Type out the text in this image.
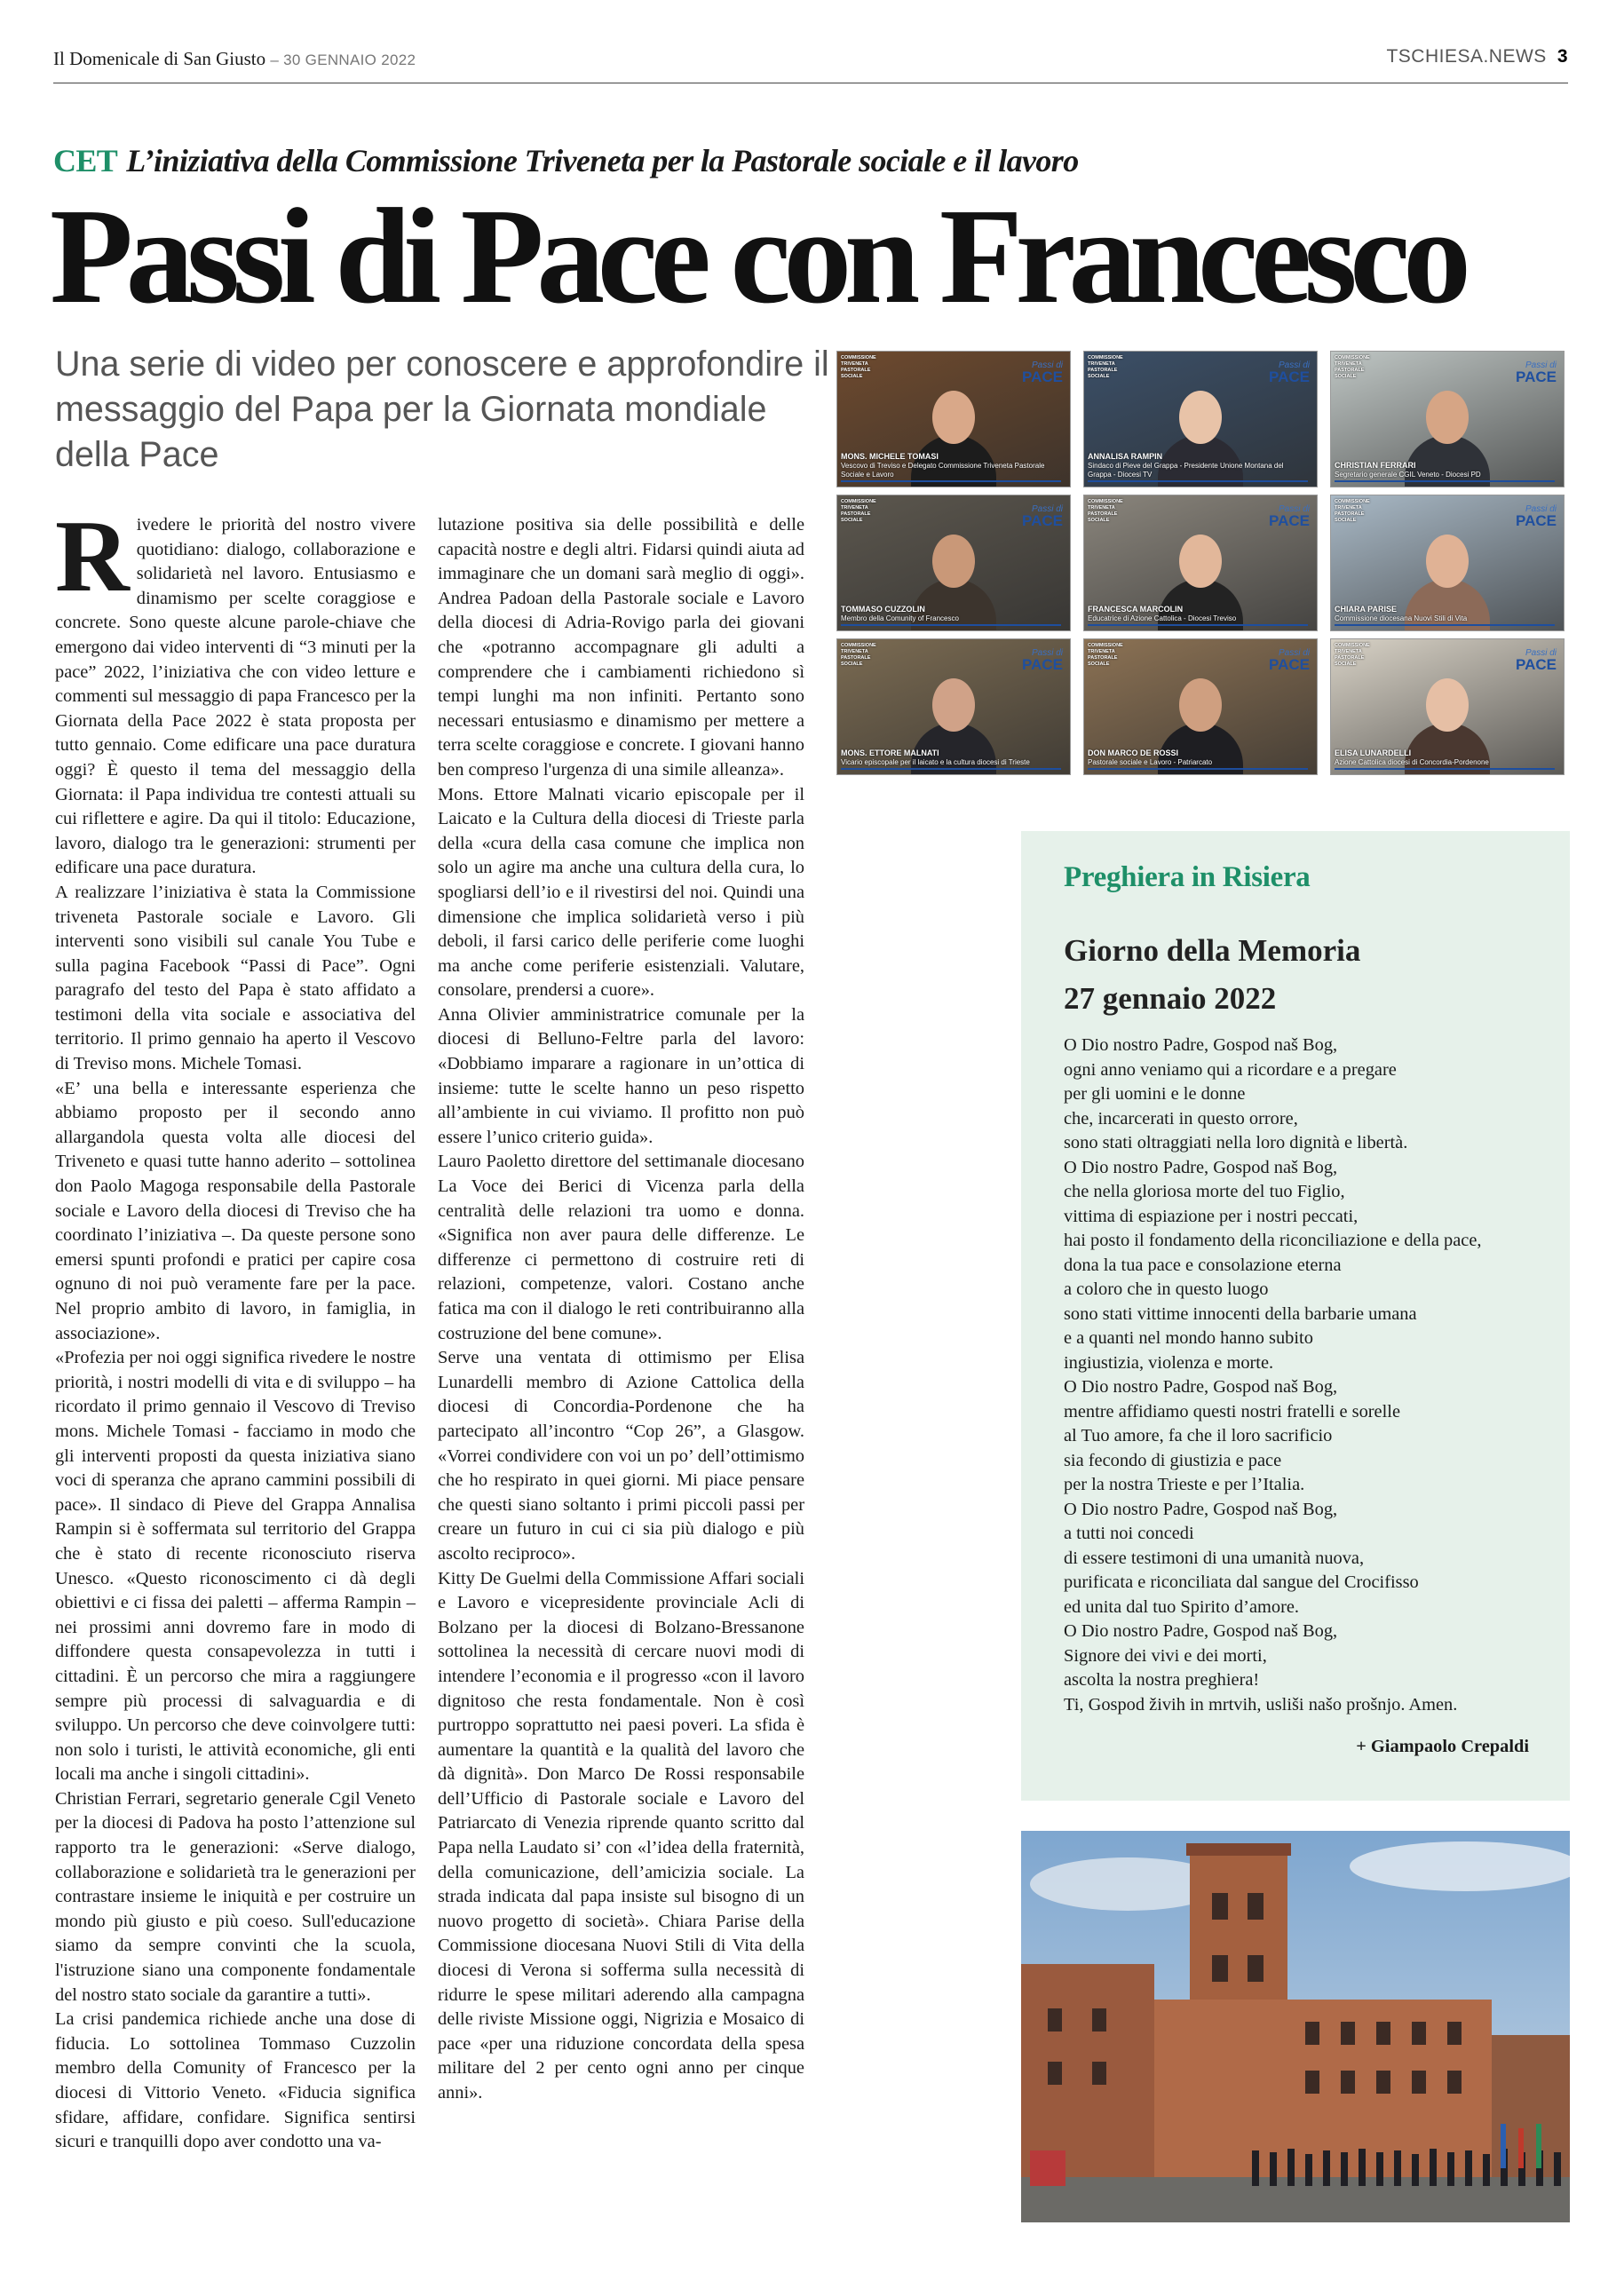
Il Domenicale di San Giusto – 30 GENNAIO 2022	TSCHIESA.NEWS 3
CET L’iniziativa della Commissione Triveneta per la Pastorale sociale e il lavoro
Passi di Pace con Francesco
Una serie di video per conoscere e approfondire il messaggio del Papa per la Giornata mondiale della Pace

Rivedere le priorità del nostro vivere quotidiano: dialogo, collaborazione e solidarietà nel lavoro. Entusiasmo e dinamismo per scelte coraggiose e concrete. Sono queste alcune parole-chiave che emergono dai video interventi di “3 minuti per la pace” 2022, l’iniziativa che con video letture e commenti sul messaggio di papa Francesco per la Giornata della Pace 2022 è stata proposta per tutto gennaio. Come edificare una pace duratura oggi? È questo il tema del messaggio della Giornata: il Papa individua tre contesti attuali su cui riflettere e agire. Da qui il titolo: Educazione, lavoro, dialogo tra le generazioni: strumenti per edificare una pace duratura.

A realizzare l’iniziativa è stata la Commissione triveneta Pastorale sociale e Lavoro. Gli interventi sono visibili sul canale You Tube e sulla pagina Facebook “Passi di Pace”. Ogni paragrafo del testo del Papa è stato affidato a testimoni della vita sociale e associativa del territorio. Il primo gennaio ha aperto il Vescovo di Treviso mons. Michele Tomasi.

«E’ una bella e interessante esperienza che abbiamo proposto per il secondo anno allargandola questa volta alle diocesi del Triveneto e quasi tutte hanno aderito – sottolinea don Paolo Magoga responsabile della Pastorale sociale e Lavoro della diocesi di Treviso che ha coordinato l’iniziativa –. Da queste persone sono emersi spunti profondi e pratici per capire cosa ognuno di noi può veramente fare per la pace. Nel proprio ambito di lavoro, in famiglia, in associazione».

«Profezia per noi oggi significa rivedere le nostre priorità, i nostri modelli di vita e di sviluppo – ha ricordato il primo gennaio il Vescovo di Treviso mons. Michele Tomasi - facciamo in modo che gli interventi proposti da questa iniziativa siano voci di speranza che aprano cammini possibili di pace». Il sindaco di Pieve del Grappa Annalisa Rampin si è soffermata sul territorio del Grappa che è stato di recente riconosciuto riserva Unesco. «Questo riconoscimento ci dà degli obiettivi e ci fissa dei paletti – afferma Rampin – nei prossimi anni dovremo fare in modo di diffondere questa consapevolezza in tutti i cittadini. È un percorso che mira a raggiungere sempre più processi di salvaguardia e di sviluppo. Un percorso che deve coinvolgere tutti: non solo i turisti, le attività economiche, gli enti locali ma anche i singoli cittadini».

Christian Ferrari, segretario generale Cgil Veneto per la diocesi di Padova ha posto l’attenzione sul rapporto tra le generazioni: «Serve dialogo, collaborazione e solidarietà tra le generazioni per contrastare insieme le iniquità e per costruire un mondo più giusto e più coeso. Sull'educazione siamo da sempre convinti che la scuola, l'istruzione siano una componente fondamentale del nostro stato sociale da garantire a tutti».

La crisi pandemica richiede anche una dose di fiducia. Lo sottolinea Tommaso Cuzzolin membro della Comunity of Francesco per la diocesi di Vittorio Veneto. «Fiducia significa sfidare, affidare, confidare. Significa sentirsi sicuri e tranquilli dopo aver condotto una va-

lutazione positiva sia delle possibilità e delle capacità nostre e degli altri. Fidarsi quindi aiuta ad immaginare che un domani sarà meglio di oggi». Andrea Padoan della Pastorale sociale e Lavoro della diocesi di Adria-Rovigo parla dei giovani che «potranno accompagnare gli adulti a comprendere che i cambiamenti richiedono sì tempi lunghi ma non infiniti. Pertanto sono necessari entusiasmo e dinamismo per mettere a terra scelte coraggiose e concrete. I giovani hanno ben compreso l'urgenza di una simile alleanza».

Mons. Ettore Malnati vicario episcopale per il Laicato e la Cultura della diocesi di Trieste parla della «cura della casa comune che implica non solo un agire ma anche una cultura della cura, lo spogliarsi dell’io e il rivestirsi del noi. Quindi una dimensione che implica solidarietà verso i più deboli, il farsi carico delle periferie come luoghi ma anche come periferie esistenziali. Valutare, consolare, prendersi a cuore».

Anna Olivier amministratrice comunale per la diocesi di Belluno-Feltre parla del lavoro: «Dobbiamo imparare a ragionare in un’ottica di insieme: tutte le scelte hanno un peso rispetto all’ambiente in cui viviamo. Il profitto non può essere l’unico criterio guida».

Lauro Paoletto direttore del settimanale diocesano La Voce dei Berici di Vicenza parla della centralità delle relazioni tra uomo e donna. «Significa non aver paura delle differenze. Le differenze ci permettono di costruire reti di relazioni, competenze, valori. Costano anche fatica ma con il dialogo le reti contribuiranno alla costruzione del bene comune».

Serve una ventata di ottimismo per Elisa Lunardelli membro di Azione Cattolica della diocesi di Concordia-Pordenone che ha partecipato all’incontro “Cop 26”, a Glasgow. «Vorrei condividere con voi un po’ dell’ottimismo che ho respirato in quei giorni. Mi piace pensare che questi siano soltanto i primi piccoli passi per creare un futuro in cui ci sia più dialogo e più ascolto reciproco».

Kitty De Guelmi della Commissione Affari sociali e Lavoro e vicepresidente provinciale Acli di Bolzano per la diocesi di Bolzano-Bressanone sottolinea la necessità di cercare nuovi modi di intendere l’economia e il progresso «con il lavoro dignitoso che resta fondamentale. Non è così purtroppo soprattutto nei paesi poveri. La sfida è aumentare la quantità e la qualità del lavoro che dà dignità». Don Marco De Rossi responsabile dell’Ufficio di Pastorale sociale e Lavoro del Patriarcato di Venezia riprende quanto scritto dal Papa nella Laudato si’ con «l’idea della fraternità, della comunicazione, dell’amicizia sociale. La strada indicata dal papa insiste sul bisogno di un nuovo progetto di società». Chiara Parise della Commissione diocesana Nuovi Stili di Vita della diocesi di Verona si sofferma sulla necessità di ridurre le spese militari aderendo alla campagna delle riviste Missione oggi, Nigrizia e Mosaico di pace «per una riduzione concordata della spesa militare del 2 per cento ogni anno per cinque anni».

COMMISSIONE TRIVENETA PASTORALE SOCIALE
Passi di
PACE
MONS. MICHELE TOMASI
Vescovo di Treviso e Delegato Commissione Triveneta Pastorale Sociale e Lavoro
COMMISSIONE TRIVENETA PASTORALE SOCIALE
Passi di
PACE
ANNALISA RAMPIN
Sindaco di Pieve del Grappa - Presidente Unione Montana del Grappa - Diocesi TV
COMMISSIONE TRIVENETA PASTORALE SOCIALE
Passi di
PACE
CHRISTIAN FERRARI
Segretario generale CGIL Veneto - Diocesi PD
COMMISSIONE TRIVENETA PASTORALE SOCIALE
Passi di
PACE
TOMMASO CUZZOLIN
Membro della Comunity of Francesco
COMMISSIONE TRIVENETA PASTORALE SOCIALE
Passi di
PACE
FRANCESCA MARCOLIN
Educatrice di Azione Cattolica - Diocesi Treviso
COMMISSIONE TRIVENETA PASTORALE SOCIALE
Passi di
PACE
CHIARA PARISE
Commissione diocesana Nuovi Stili di Vita
COMMISSIONE TRIVENETA PASTORALE SOCIALE
Passi di
PACE
MONS. ETTORE MALNATI
Vicario episcopale per il laicato e la cultura diocesi di Trieste
COMMISSIONE TRIVENETA PASTORALE SOCIALE
Passi di
PACE
DON MARCO DE ROSSI
Pastorale sociale e Lavoro - Patriarcato
COMMISSIONE TRIVENETA PASTORALE SOCIALE
Passi di
PACE
ELISA LUNARDELLI
Azione Cattolica diocesi di Concordia-Pordenone
Preghiera in Risiera
Giorno della Memoria
27 gennaio 2022
O Dio nostro Padre, Gospod naš Bog,
ogni anno veniamo qui a ricordare e a pregare
per gli uomini e le donne
che, incarcerati in questo orrore,
sono stati oltraggiati nella loro dignità e libertà.
O Dio nostro Padre, Gospod naš Bog,
che nella gloriosa morte del tuo Figlio,
vittima di espiazione per i nostri peccati,
hai posto il fondamento della riconciliazione e della pace,
dona la tua pace e consolazione eterna
a coloro che in questo luogo
sono stati vittime innocenti della barbarie umana
e a quanti nel mondo hanno subito
ingiustizia, violenza e morte.
O Dio nostro Padre, Gospod naš Bog,
mentre affidiamo questi nostri fratelli e sorelle
al Tuo amore, fa che il loro sacrificio
sia fecondo di giustizia e pace
per la nostra Trieste e per l’Italia.
O Dio nostro Padre, Gospod naš Bog,
a tutti noi concedi
di essere testimoni di una umanità nuova,
purificata e riconciliata dal sangue del Crocifisso
ed unita dal tuo Spirito d’amore.
O Dio nostro Padre, Gospod naš Bog,
Signore dei vivi e dei morti,
ascolta la nostra preghiera!
Ti, Gospod živih in mrtvih, usliši našo prošnjo. Amen.
+ Giampaolo Crepaldi
